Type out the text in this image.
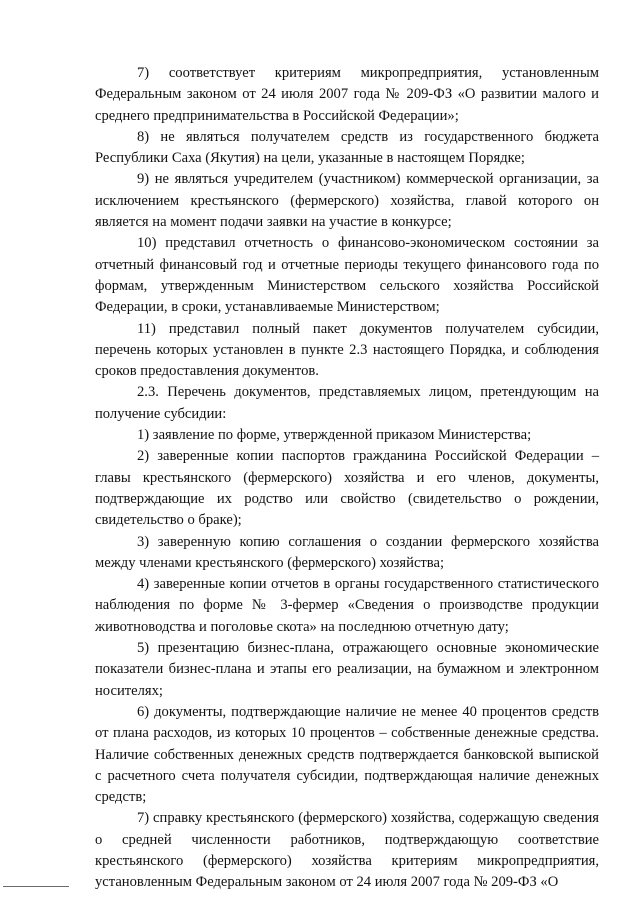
7) соответствует критериям микропредприятия, установленным Федеральным законом от 24 июля 2007 года № 209-ФЗ «О развитии малого и среднего предпринимательства в Российской Федерации»;

8) не являться получателем средств из государственного бюджета Республики Саха (Якутия) на цели, указанные в настоящем Порядке;

9) не являться учредителем (участником) коммерческой организации, за исключением крестьянского (фермерского) хозяйства, главой которого он является на момент подачи заявки на участие в конкурсе;

10) представил отчетность о финансово-экономическом состоянии за отчетный финансовый год и отчетные периоды текущего финансового года по формам, утвержденным Министерством сельского хозяйства Российской Федерации, в сроки, устанавливаемые Министерством;

11) представил полный пакет документов получателем субсидии, перечень которых установлен в пункте 2.3 настоящего Порядка, и соблюдения сроков предоставления документов.

2.3. Перечень документов, представляемых лицом, претендующим на получение субсидии:

1) заявление по форме, утвержденной приказом Министерства;

2) заверенные копии паспортов гражданина Российской Федерации – главы крестьянского (фермерского) хозяйства и его членов, документы, подтверждающие их родство или свойство (свидетельство о рождении, свидетельство о браке);

3) заверенную копию соглашения о создании фермерского хозяйства между членами крестьянского (фермерского) хозяйства;

4) заверенные копии отчетов в органы государственного статистического наблюдения по форме № 3-фермер «Сведения о производстве продукции животноводства и поголовье скота» на последнюю отчетную дату;

5) презентацию бизнес-плана, отражающего основные экономические показатели бизнес-плана и этапы его реализации, на бумажном и электронном носителях;

6) документы, подтверждающие наличие не менее 40 процентов средств от плана расходов, из которых 10 процентов – собственные денежные средства. Наличие собственных денежных средств подтверждается банковской выпиской с расчетного счета получателя субсидии, подтверждающая наличие денежных средств;

7) справку крестьянского (фермерского) хозяйства, содержащую сведения о средней численности работников, подтверждающую соответствие крестьянского (фермерского) хозяйства критериям микропредприятия, установленным Федеральным законом от 24 июля 2007 года № 209-ФЗ «О
